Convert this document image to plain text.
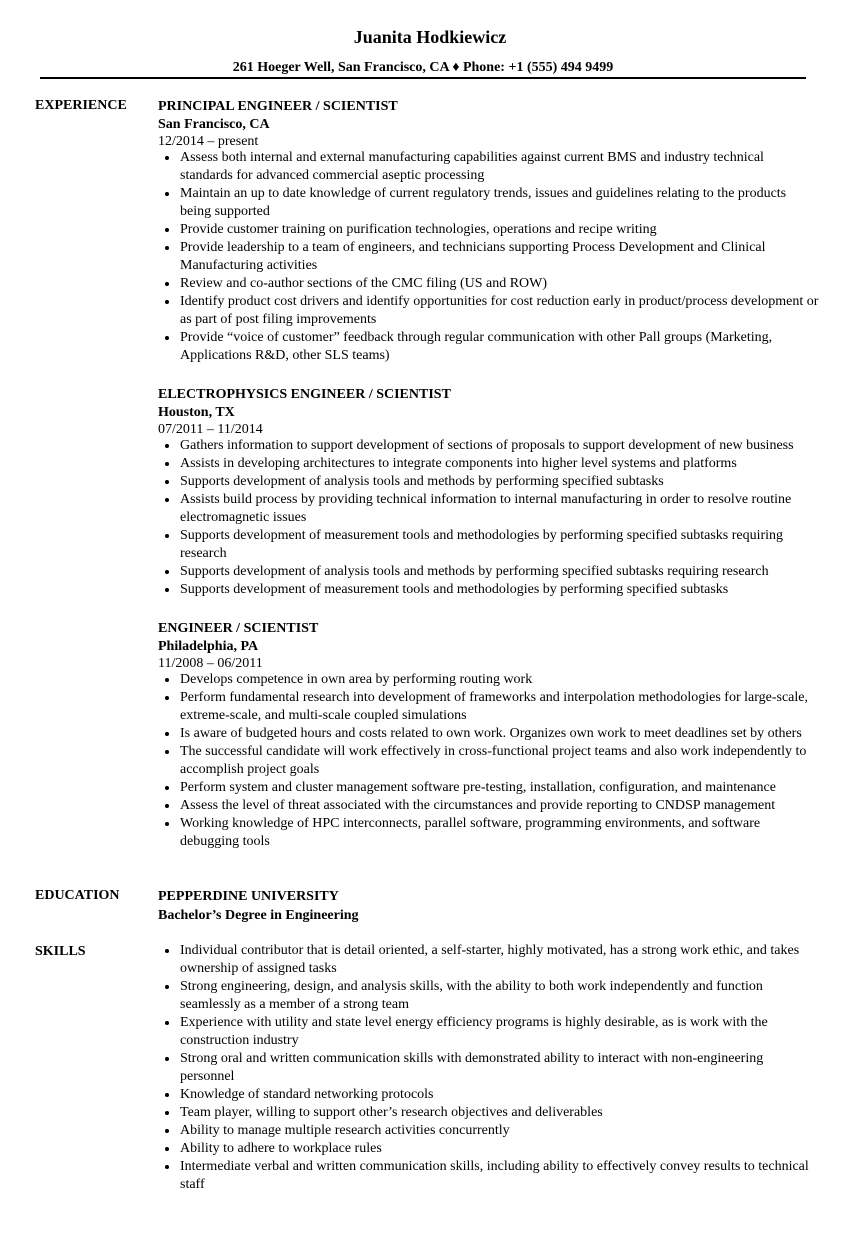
Juanita Hodkiewicz
261 Hoeger Well, San Francisco, CA ♦ Phone: +1 (555) 494 9499
EXPERIENCE	PRINCIPAL ENGINEER / SCIENTIST
San Francisco, CA
12/2014 – present
Assess both internal and external manufacturing capabilities against current BMS and industry technical standards for advanced commercial aseptic processing
Maintain an up to date knowledge of current regulatory trends, issues and guidelines relating to the products being supported
Provide customer training on purification technologies, operations and recipe writing
Provide leadership to a team of engineers, and technicians supporting Process Development and Clinical Manufacturing activities
Review and co-author sections of the CMC filing (US and ROW)
Identify product cost drivers and identify opportunities for cost reduction early in product/process development or as part of post filing improvements
Provide “voice of customer” feedback through regular communication with other Pall groups (Marketing, Applications R&D, other SLS teams)
ELECTROPHYSICS ENGINEER / SCIENTIST
Houston, TX
07/2011 – 11/2014
Gathers information to support development of sections of proposals to support development of new business
Assists in developing architectures to integrate components into higher level systems and platforms
Supports development of analysis tools and methods by performing specified subtasks
Assists build process by providing technical information to internal manufacturing in order to resolve routine electromagnetic issues
Supports development of measurement tools and methodologies by performing specified subtasks requiring research
Supports development of analysis tools and methods by performing specified subtasks requiring research
Supports development of measurement tools and methodologies by performing specified subtasks
ENGINEER / SCIENTIST
Philadelphia, PA
11/2008 – 06/2011
Develops competence in own area by performing routing work
Perform fundamental research into development of frameworks and interpolation methodologies for large-scale, extreme-scale, and multi-scale coupled simulations
Is aware of budgeted hours and costs related to own work. Organizes own work to meet deadlines set by others
The successful candidate will work effectively in cross-functional project teams and also work independently to accomplish project goals
Perform system and cluster management software pre-testing, installation, configuration, and maintenance
Assess the level of threat associated with the circumstances and provide reporting to CNDSP management
Working knowledge of HPC interconnects, parallel software, programming environments, and software debugging tools
EDUCATION	PEPPERDINE UNIVERSITY
Bachelor’s Degree in Engineering
SKILLS	Individual contributor that is detail oriented, a self-starter, highly motivated, has a strong work ethic, and takes ownership of assigned tasks
Strong engineering, design, and analysis skills, with the ability to both work independently and function seamlessly as a member of a strong team
Experience with utility and state level energy efficiency programs is highly desirable, as is work with the construction industry
Strong oral and written communication skills with demonstrated ability to interact with non-engineering personnel
Knowledge of standard networking protocols
Team player, willing to support other’s research objectives and deliverables
Ability to manage multiple research activities concurrently
Ability to adhere to workplace rules
Intermediate verbal and written communication skills, including ability to effectively convey results to technical staff
